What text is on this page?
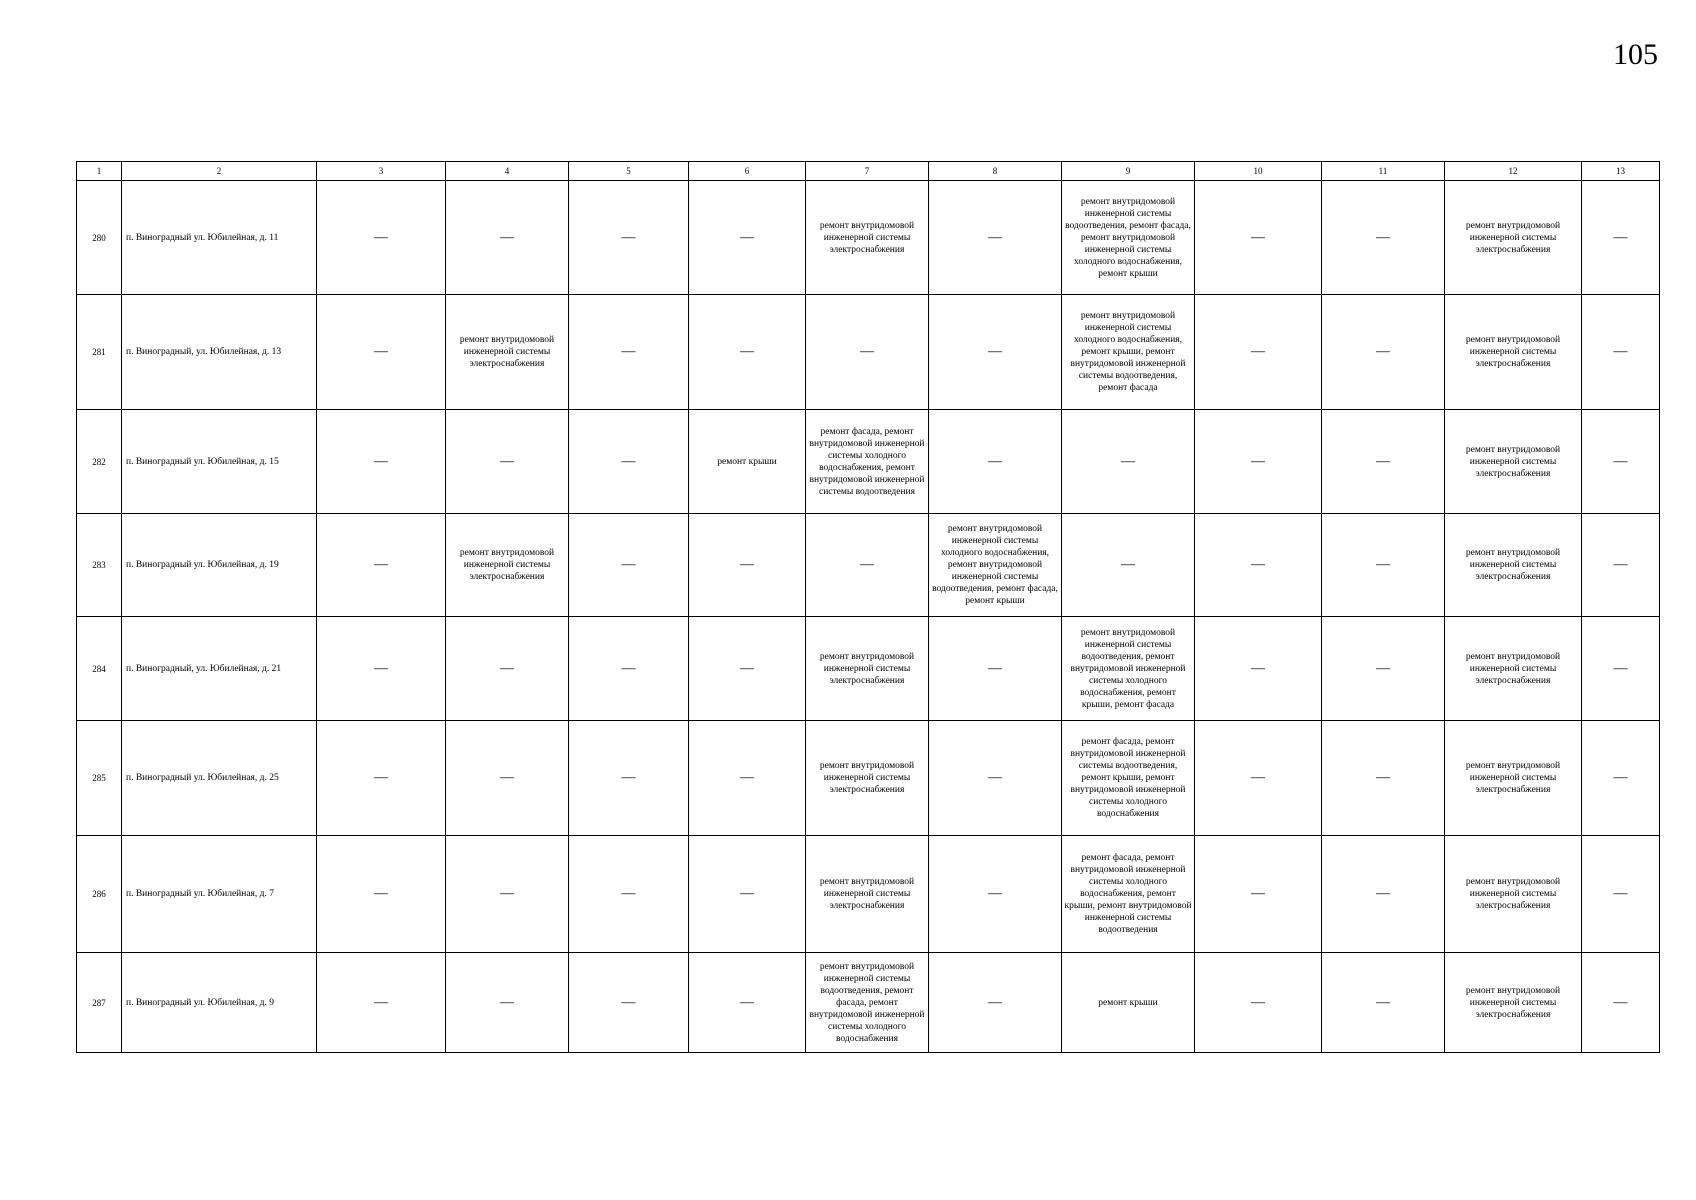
105
1	2	3	4	5	6	7	8	9	10	11	12	13
280	п. Виноградный ул. Юбилейная, д. 11	—	—	—	—	ремонт внутридомовой инженерной системы электроснабжения	—	ремонт внутридомовой инженерной системы водоотведения, ремонт фасада, ремонт внутридомовой инженерной системы холодного водоснабжения, ремонт крыши	—	—	ремонт внутридомовой инженерной системы электроснабжения	—

281	п. Виноградный, ул. Юбилейная, д. 13	—	ремонт внутридомовой инженерной системы электроснабжения	—	—	—	—	ремонт внутридомовой инженерной системы холодного водоснабжения, ремонт крыши, ремонт внутридомовой инженерной системы водоотведения, ремонт фасада	—	—	ремонт внутридомовой инженерной системы электроснабжения	—

282	п. Виноградный ул. Юбилейная, д. 15	—	—	—	ремонт крыши	ремонт фасада, ремонт внутридомовой инженерной системы холодного водоснабжения, ремонт внутридомовой инженерной системы водоотведения	—	—	—	—	ремонт внутридомовой инженерной системы электроснабжения	—

283	п. Виноградный ул. Юбилейная, д. 19	—	ремонт внутридомовой инженерной системы электроснабжения	—	—	—	ремонт внутридомовой инженерной системы холодного водоснабжения, ремонт внутридомовой инженерной системы водоотведения, ремонт фасада, ремонт крыши	—	—	—	ремонт внутридомовой инженерной системы электроснабжения	—

284	п. Виноградный, ул. Юбилейная, д. 21	—	—	—	—	ремонт внутридомовой инженерной системы электроснабжения	—	ремонт внутридомовой инженерной системы водоотведения, ремонт внутридомовой инженерной системы холодного водоснабжения, ремонт крыши, ремонт фасада	—	—	ремонт внутридомовой инженерной системы электроснабжения	—

285	п. Виноградный ул. Юбилейная, д. 25	—	—	—	—	ремонт внутридомовой инженерной системы электроснабжения	—	ремонт фасада, ремонт внутридомовой инженерной системы водоотведения, ремонт крыши, ремонт внутридомовой инженерной системы холодного водоснабжения	—	—	ремонт внутридомовой инженерной системы электроснабжения	—

286	п. Виноградный ул. Юбилейная, д. 7	—	—	—	—	ремонт внутридомовой инженерной системы электроснабжения	—	ремонт фасада, ремонт внутридомовой инженерной системы холодного водоснабжения, ремонт крыши, ремонт внутридомовой инженерной системы водоотведения	—	—	ремонт внутридомовой инженерной системы электроснабжения	—

287	п. Виноградный ул. Юбилейная, д. 9	—	—	—	—	ремонт внутридомовой инженерной системы водоотведения, ремонт фасада, ремонт внутридомовой инженерной системы холодного водоснабжения	—	ремонт крыши	—	—	ремонт внутридомовой инженерной системы электроснабжения	—
